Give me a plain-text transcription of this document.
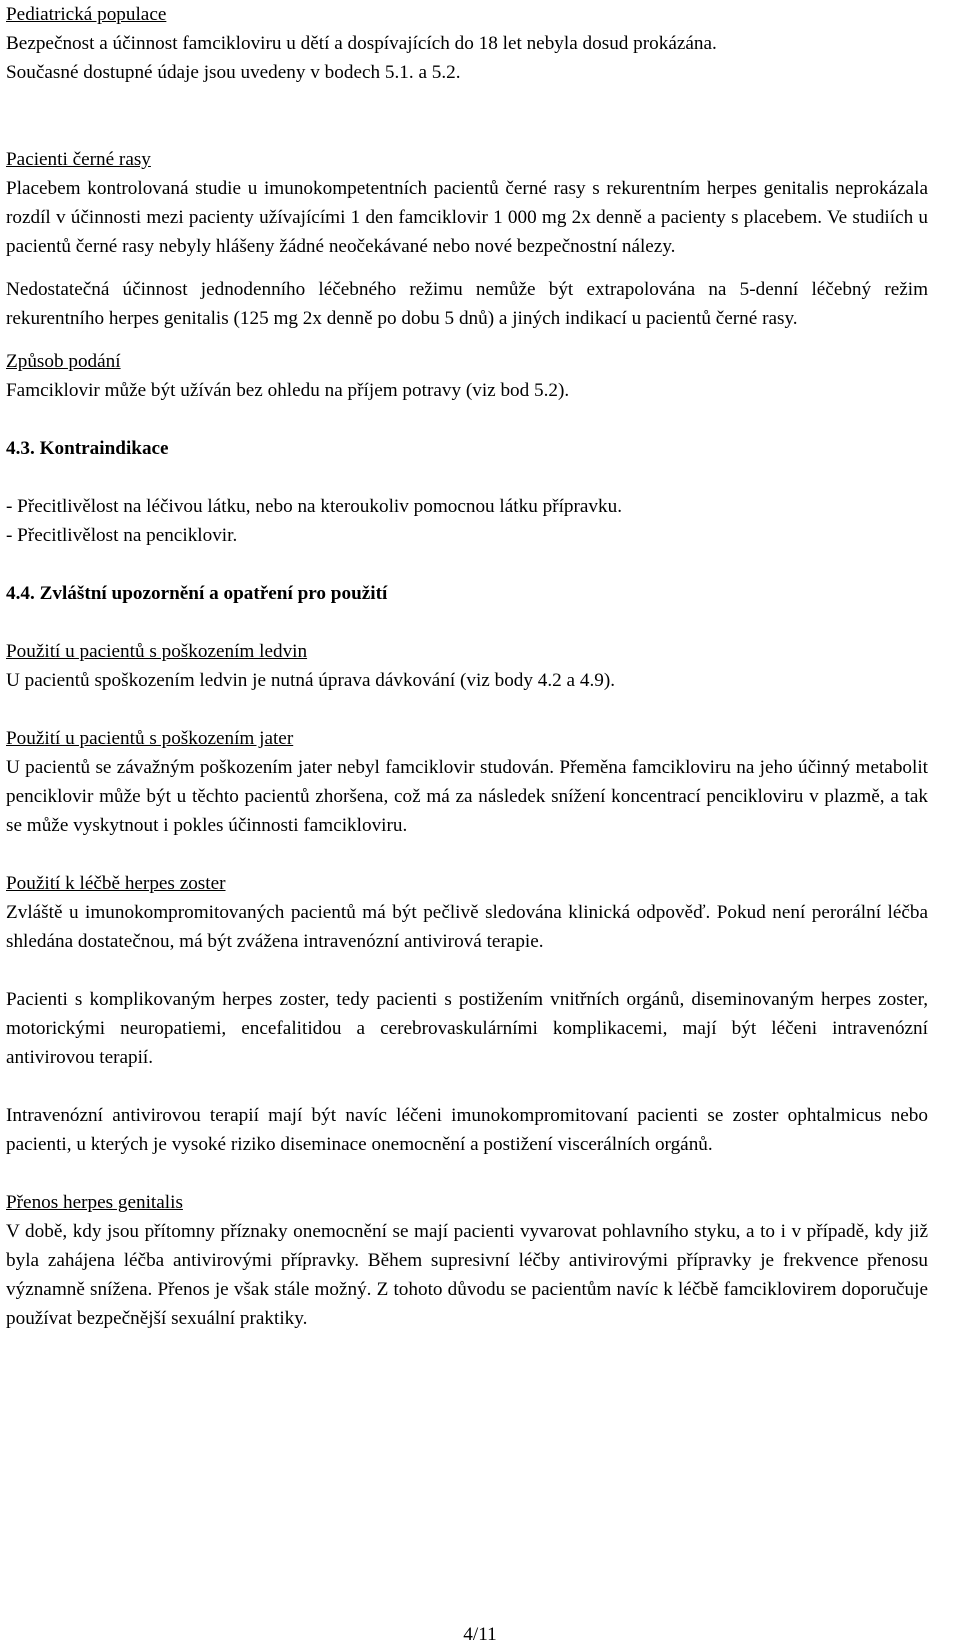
Pediatrická populace

Bezpečnost a účinnost famcikloviru u dětí a dospívajících do 18 let nebyla dosud prokázána.

Současné dostupné údaje jsou uvedeny v bodech 5.1. a 5.2.

Pacienti černé rasy

Placebem kontrolovaná studie u imunokompetentních pacientů černé rasy s rekurentním herpes genitalis neprokázala rozdíl v účinnosti mezi pacienty užívajícími 1 den famciklovir 1 000 mg 2x denně a pacienty s placebem. Ve studiích u pacientů černé rasy nebyly hlášeny žádné neočekávané nebo nové bezpečnostní nálezy.

Nedostatečná účinnost jednodenního léčebného režimu nemůže být extrapolována na 5-denní léčebný režim rekurentního herpes genitalis (125 mg 2x denně po dobu 5 dnů) a jiných indikací u pacientů černé rasy.

Způsob podání

Famciklovir může být užíván bez ohledu na příjem potravy (viz bod 5.2).

4.3. Kontraindikace

- Přecitlivělost na léčivou látku, nebo na kteroukoliv pomocnou látku přípravku.

- Přecitlivělost na penciklovir.

4.4. Zvláštní upozornění a opatření pro použití

Použití u pacientů s poškozením ledvin

U pacientů spoškozením ledvin je nutná úprava dávkování (viz body 4.2 a 4.9).

Použití u pacientů s poškozením jater

U pacientů se závažným poškozením jater nebyl famciklovir studován. Přeměna famcikloviru na jeho účinný metabolit penciklovir může být u těchto pacientů zhoršena, což má za následek snížení koncentrací pencikloviru v plazmě, a tak se může vyskytnout i pokles účinnosti famcikloviru.

Použití k léčbě herpes zoster

Zvláště u imunokompromitovaných pacientů má být pečlivě sledována klinická odpověď. Pokud není perorální léčba shledána dostatečnou, má být zvážena intravenózní antivirová terapie.

Pacienti s komplikovaným herpes zoster, tedy pacienti s postižením vnitřních orgánů, diseminovaným herpes zoster, motorickými neuropatiemi, encefalitidou a cerebrovaskulárními komplikacemi, mají být léčeni intravenózní antivirovou terapií.

Intravenózní antivirovou terapií mají být navíc léčeni imunokompromitovaní pacienti se zoster ophtalmicus nebo pacienti, u kterých je vysoké riziko diseminace onemocnění a postižení viscerálních orgánů.

Přenos herpes genitalis

V době, kdy jsou přítomny příznaky onemocnění se mají pacienti vyvarovat pohlavního styku, a to i v případě, kdy již byla zahájena léčba antivirovými přípravky. Během supresivní léčby antivirovými přípravky je frekvence přenosu významně snížena. Přenos je však stále možný. Z tohoto důvodu se pacientům navíc k léčbě famciklovirem doporučuje používat bezpečnější sexuální praktiky.

4/11
